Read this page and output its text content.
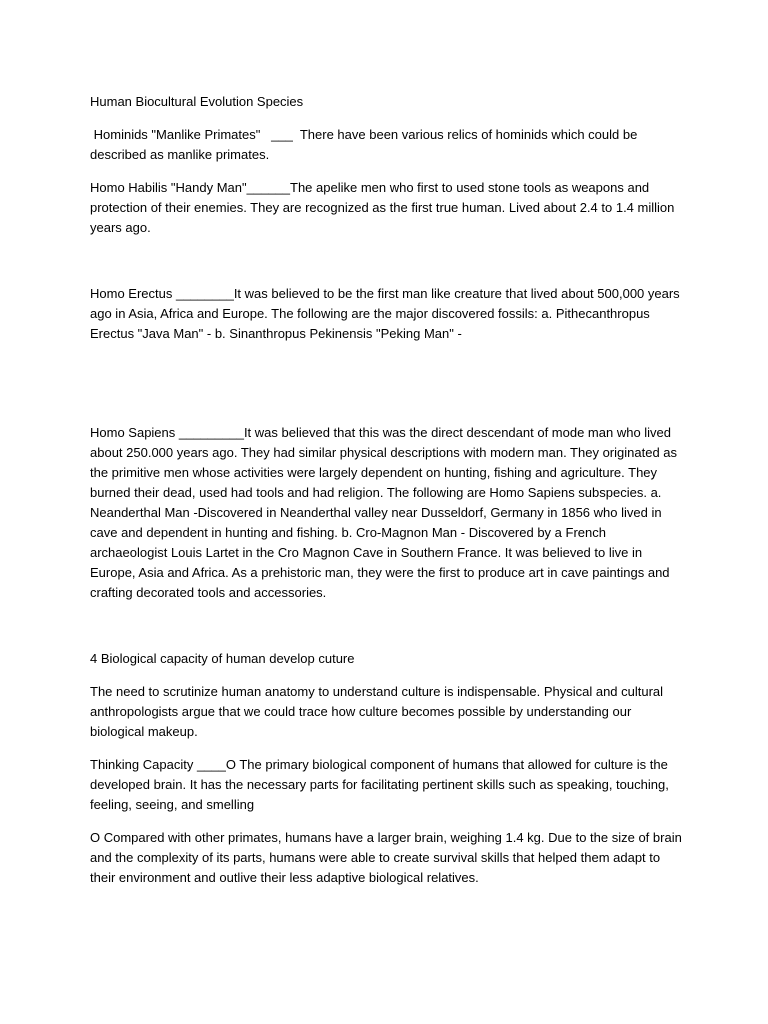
Human Biocultural Evolution Species

Hominids "Manlike Primates"   ___  There have been various relics of hominids which could be described as manlike primates.

Homo Habilis "Handy Man"______The apelike men who first to used stone tools as weapons and protection of their enemies. They are recognized as the first true human. Lived about 2.4 to 1.4 million years ago.

Homo Erectus ________It was believed to be the first man like creature that lived about 500,000 years ago in Asia, Africa and Europe. The following are the major discovered fossils: a. Pithecanthropus Erectus "Java Man" - b. Sinanthropus Pekinensis "Peking Man" -

Homo Sapiens _________It was believed that this was the direct descendant of mode man who lived about 250.000 years ago. They had similar physical descriptions with modern man. They originated as the primitive men whose activities were largely dependent on hunting, fishing and agriculture. They burned their dead, used had tools and had religion. The following are Homo Sapiens subspecies. a. Neanderthal Man -Discovered in Neanderthal valley near Dusseldorf, Germany in 1856 who lived in cave and dependent in hunting and fishing. b. Cro-Magnon Man - Discovered by a French archaeologist Louis Lartet in the Cro Magnon Cave in Southern France. It was believed to live in Europe, Asia and Africa. As a prehistoric man, they were the first to produce art in cave paintings and crafting decorated tools and accessories.

4 Biological capacity of human develop cuture

The need to scrutinize human anatomy to understand culture is indispensable. Physical and cultural anthropologists argue that we could trace how culture becomes possible by understanding our biological makeup.

Thinking Capacity ____O The primary biological component of humans that allowed for culture is the developed brain. It has the necessary parts for facilitating pertinent skills such as speaking, touching, feeling, seeing, and smelling

O Compared with other primates, humans have a larger brain, weighing 1.4 kg. Due to the size of brain and the complexity of its parts, humans were able to create survival skills that helped them adapt to their environment and outlive their less adaptive biological relatives.
